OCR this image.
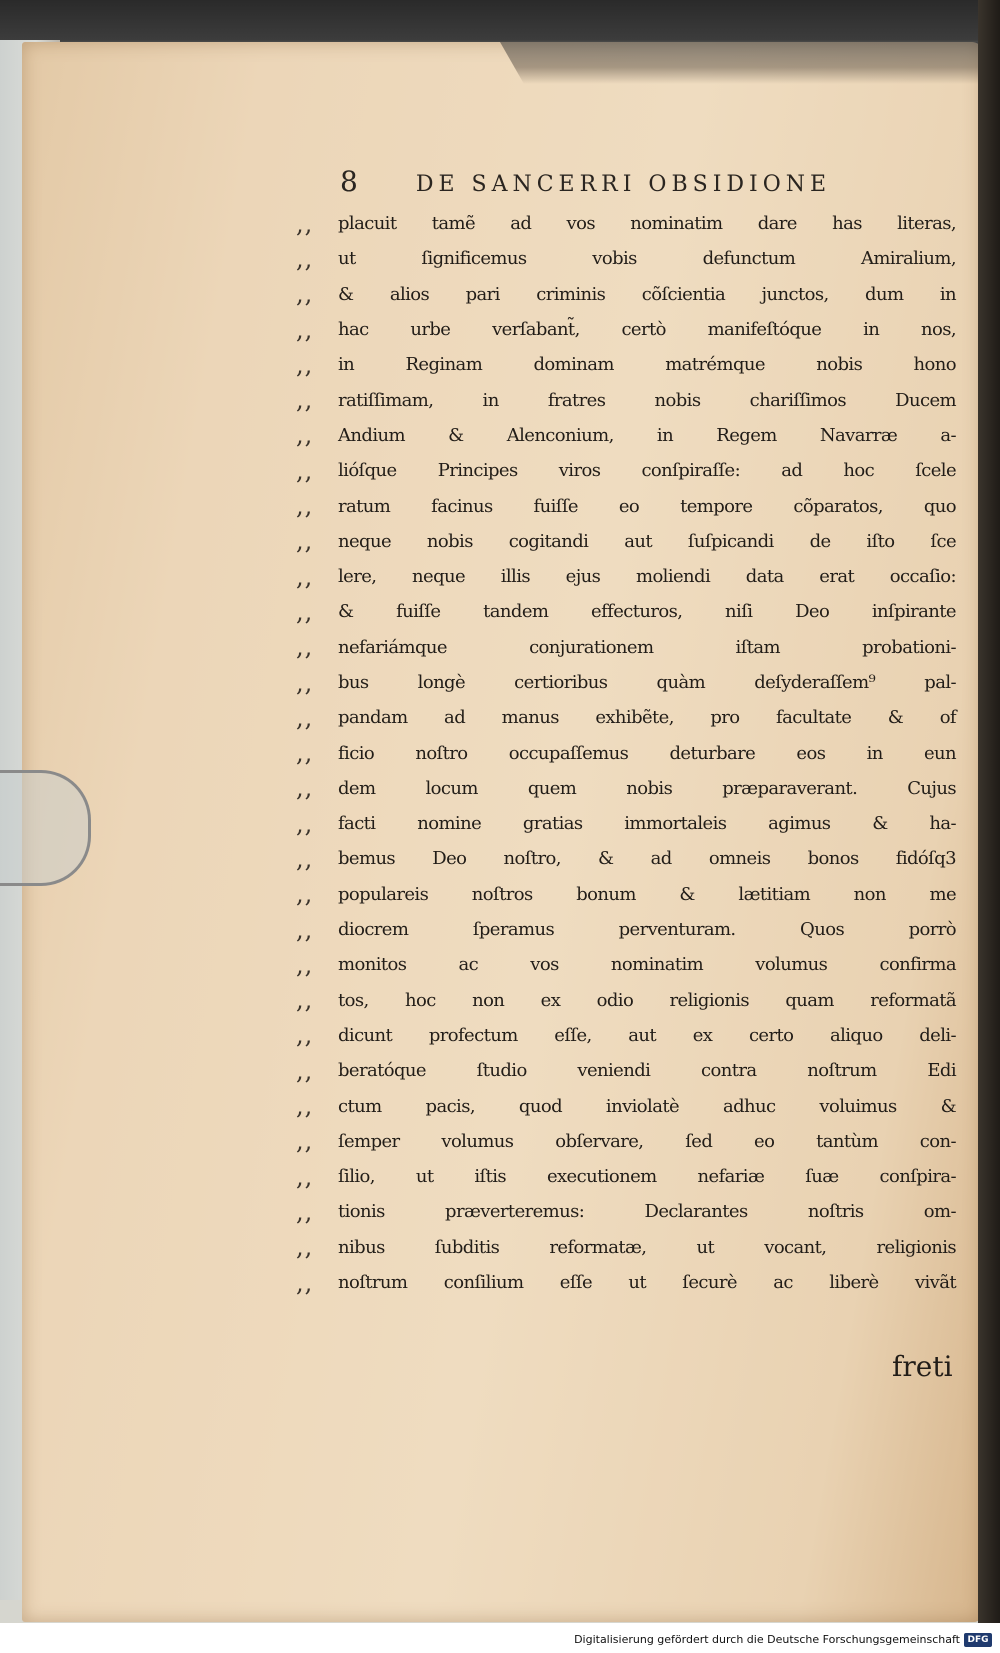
8	DE SANCERRI OBSIDIONE
,,	placuit tamẽ ad vos nominatim dare has literas,
,,	ut ſignificemus vobis defunctum Amiralium,
,,	& alios pari criminis cõſcientia junctos, dum in
,,	hac urbe verſabant̃, certò manifeſtóque in nos,
,,	in Reginam dominam matrémque nobis hono
,,	ratiſſimam, in fratres nobis chariſſimos Ducem
,,	Andium & Alenconium, in Regem Navarræ a-
,,	lióſque Principes viros conſpiraſſe: ad hoc ſcele
,,	ratum facinus fuiſſe eo tempore cõparatos, quo
,,	neque nobis cogitandi aut ſuſpicandi de iſto ſce
,,	lere, neque illis ejus moliendi data erat occaſio:
,,	& fuiſſe tandem effecturos, niſi Deo inſpirante
,,	nefariámque conjurationem iſtam probationi-
,,	bus longè certioribus quàm deſyderaſſem⁹ pal-
,,	pandam ad manus exhibẽte, pro facultate & of
,,	ficio noſtro occupaſſemus deturbare eos in eun
,,	dem locum quem nobis præparaverant. Cujus
,,	facti nomine gratias immortaleis agimus & ha-
,,	bemus Deo noſtro, & ad omneis bonos fidóſq3
,,	populareis noſtros bonum & lætitiam non me
,,	diocrem ſperamus perventuram. Quos porrò
,,	monitos ac vos nominatim volumus confirma
,,	tos, hoc non ex odio religionis quam reformatã
,,	dicunt profectum eſſe, aut ex certo aliquo deli-
,,	beratóque ſtudio veniendi contra noſtrum Edi
,,	ctum pacis, quod inviolatè adhuc voluimus &
,,	ſemper volumus obſervare, ſed eo tantùm con-
,,	ſilio, ut iſtis executionem nefariæ ſuæ conſpira-
,,	tionis præverteremus: Declarantes noſtris om-
,,	nibus ſubditis reformatæ, ut vocant, religionis
,,	noſtrum conſilium eſſe ut ſecurè ac liberè vivãt
freti
Digitalisierung gefördert durch die Deutsche Forschungsgemeinschaft DFG
